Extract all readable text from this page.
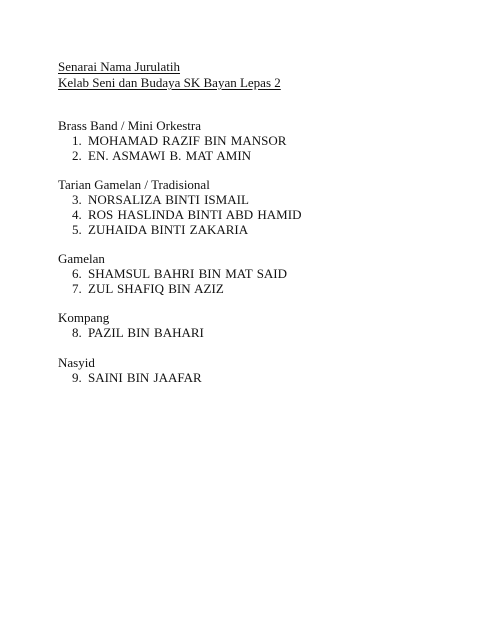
Senarai Nama Jurulatih
Kelab Seni dan Budaya SK Bayan Lepas 2
Brass Band / Mini Orkestra
1. MOHAMAD RAZIF BIN MANSOR
2. EN. ASMAWI B. MAT AMIN
Tarian Gamelan / Tradisional
3. NORSALIZA BINTI ISMAIL
4. ROS HASLINDA BINTI ABD HAMID
5. ZUHAIDA BINTI ZAKARIA
Gamelan
6. SHAMSUL BAHRI BIN MAT SAID
7. ZUL SHAFIQ BIN AZIZ
Kompang
8. PAZIL BIN BAHARI
Nasyid
9. SAINI BIN JAAFAR
